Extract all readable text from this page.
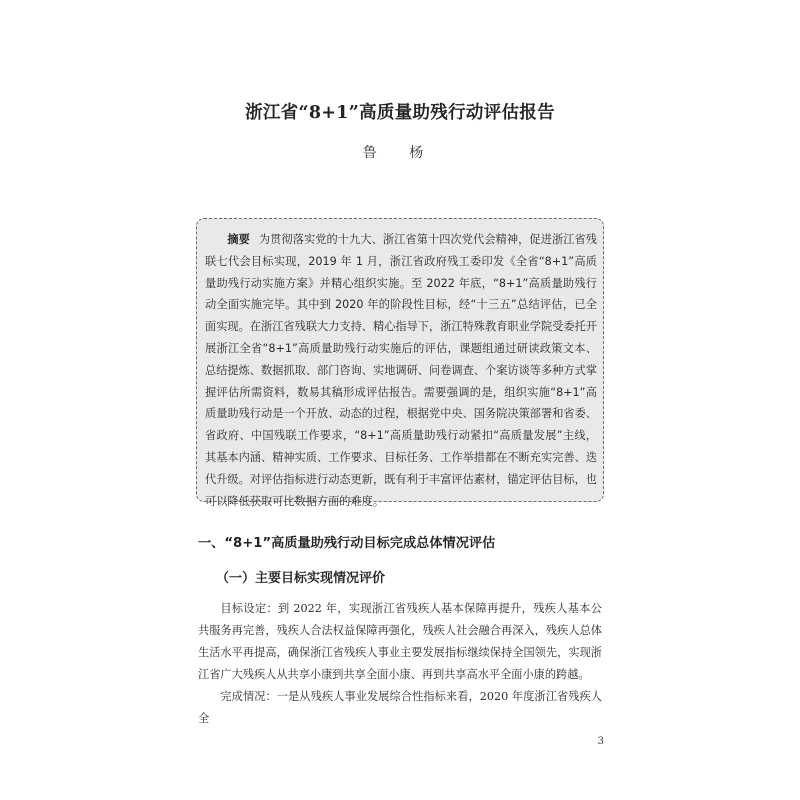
浙江省“8+1”高质量助残行动评估报告
鲁 杨

摘要 为贯彻落实党的十九大、浙江省第十四次党代会精神，促进浙江省残联七代会目标实现，2019 年 1 月，浙江省政府残工委印发《全省“8+1”高质量助残行动实施方案》并精心组织实施。至 2022 年底，“8+1”高质量助残行动全面实施完毕。其中到 2020 年的阶段性目标，经“十三五”总结评估，已全面实现。在浙江省残联大力支持、精心指导下，浙江特殊教育职业学院受委托开展浙江全省“8+1”高质量助残行动实施后的评估，课题组通过研读政策文本、总结提炼、数据抓取、部门咨询、实地调研、问卷调查、个案访谈等多种方式掌握评估所需资料，数易其稿形成评估报告。需要强调的是，组织实施“8+1”高质量助残行动是一个开放、动态的过程，根据党中央、国务院决策部署和省委、省政府、中国残联工作要求，“8+1”高质量助残行动紧扣“高质量发展”主线，其基本内涵、精神实质、工作要求、目标任务、工作举措都在不断充实完善、迭代升级。对评估指标进行动态更新，既有利于丰富评估素材，锚定评估目标，也可以降低获取可比数据方面的难度。

一、“8+1”高质量助残行动目标完成总体情况评估
（一）主要目标实现情况评价

目标设定：到 2022 年，实现浙江省残疾人基本保障再提升，残疾人基本公共服务再完善，残疾人合法权益保障再强化，残疾人社会融合再深入，残疾人总体生活水平再提高，确保浙江省残疾人事业主要发展指标继续保持全国领先，实现浙江省广大残疾人从共享小康到共享全面小康、再到共享高水平全面小康的跨越。

完成情况：一是从残疾人事业发展综合性指标来看，2020 年度浙江省残疾人全

3
